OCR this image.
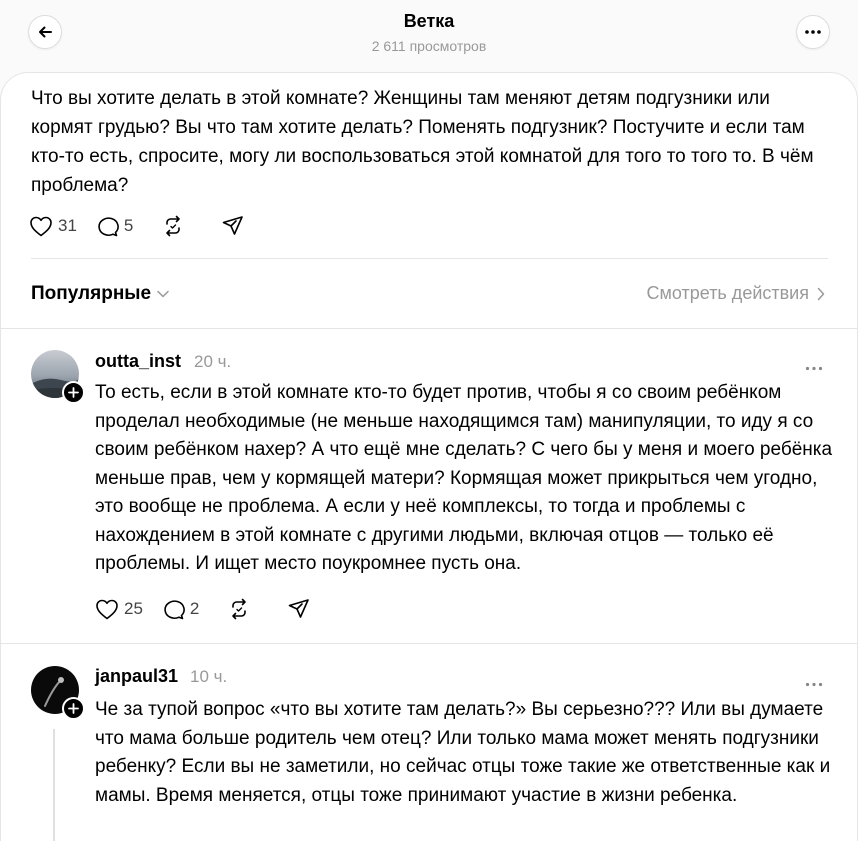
Ветка
2 611 просмотров
Что вы хотите делать в этой комнате? Женщины там меняют детям подгузники или кормят грудью? Вы что там хотите делать? Поменять подгузник? Постучите и если там кто-то есть, спросите, могу ли воспользоваться этой комнатой для того то того то. В чём проблема?
31	5
Популярные	Смотреть действия
outta_inst 20 ч.
То есть, если в этой комнате кто-то будет против, чтобы я со своим ребёнком проделал необходимые (не меньше находящимся там) манипуляции, то иду я со своим ребёнком нахер? А что ещё мне сделать? С чего бы у меня и моего ребёнка меньше прав, чем у кормящей матери? Кормящая может прикрыться чем угодно, это вообще не проблема. А если у неё комплексы, то тогда и проблемы с нахождением в этой комнате с другими людьми, включая отцов — только её проблемы. И ищет место поукромнее пусть она.
25	2
janpaul31 10 ч.
Че за тупой вопрос «что вы хотите там делать?» Вы серьезно??? Или вы думаете что мама больше родитель чем отец? Или только мама может менять подгузники ребенку? Если вы не заметили, но сейчас отцы тоже такие же ответственные как и мамы. Время меняется, отцы тоже принимают участие в жизни ребенка.
